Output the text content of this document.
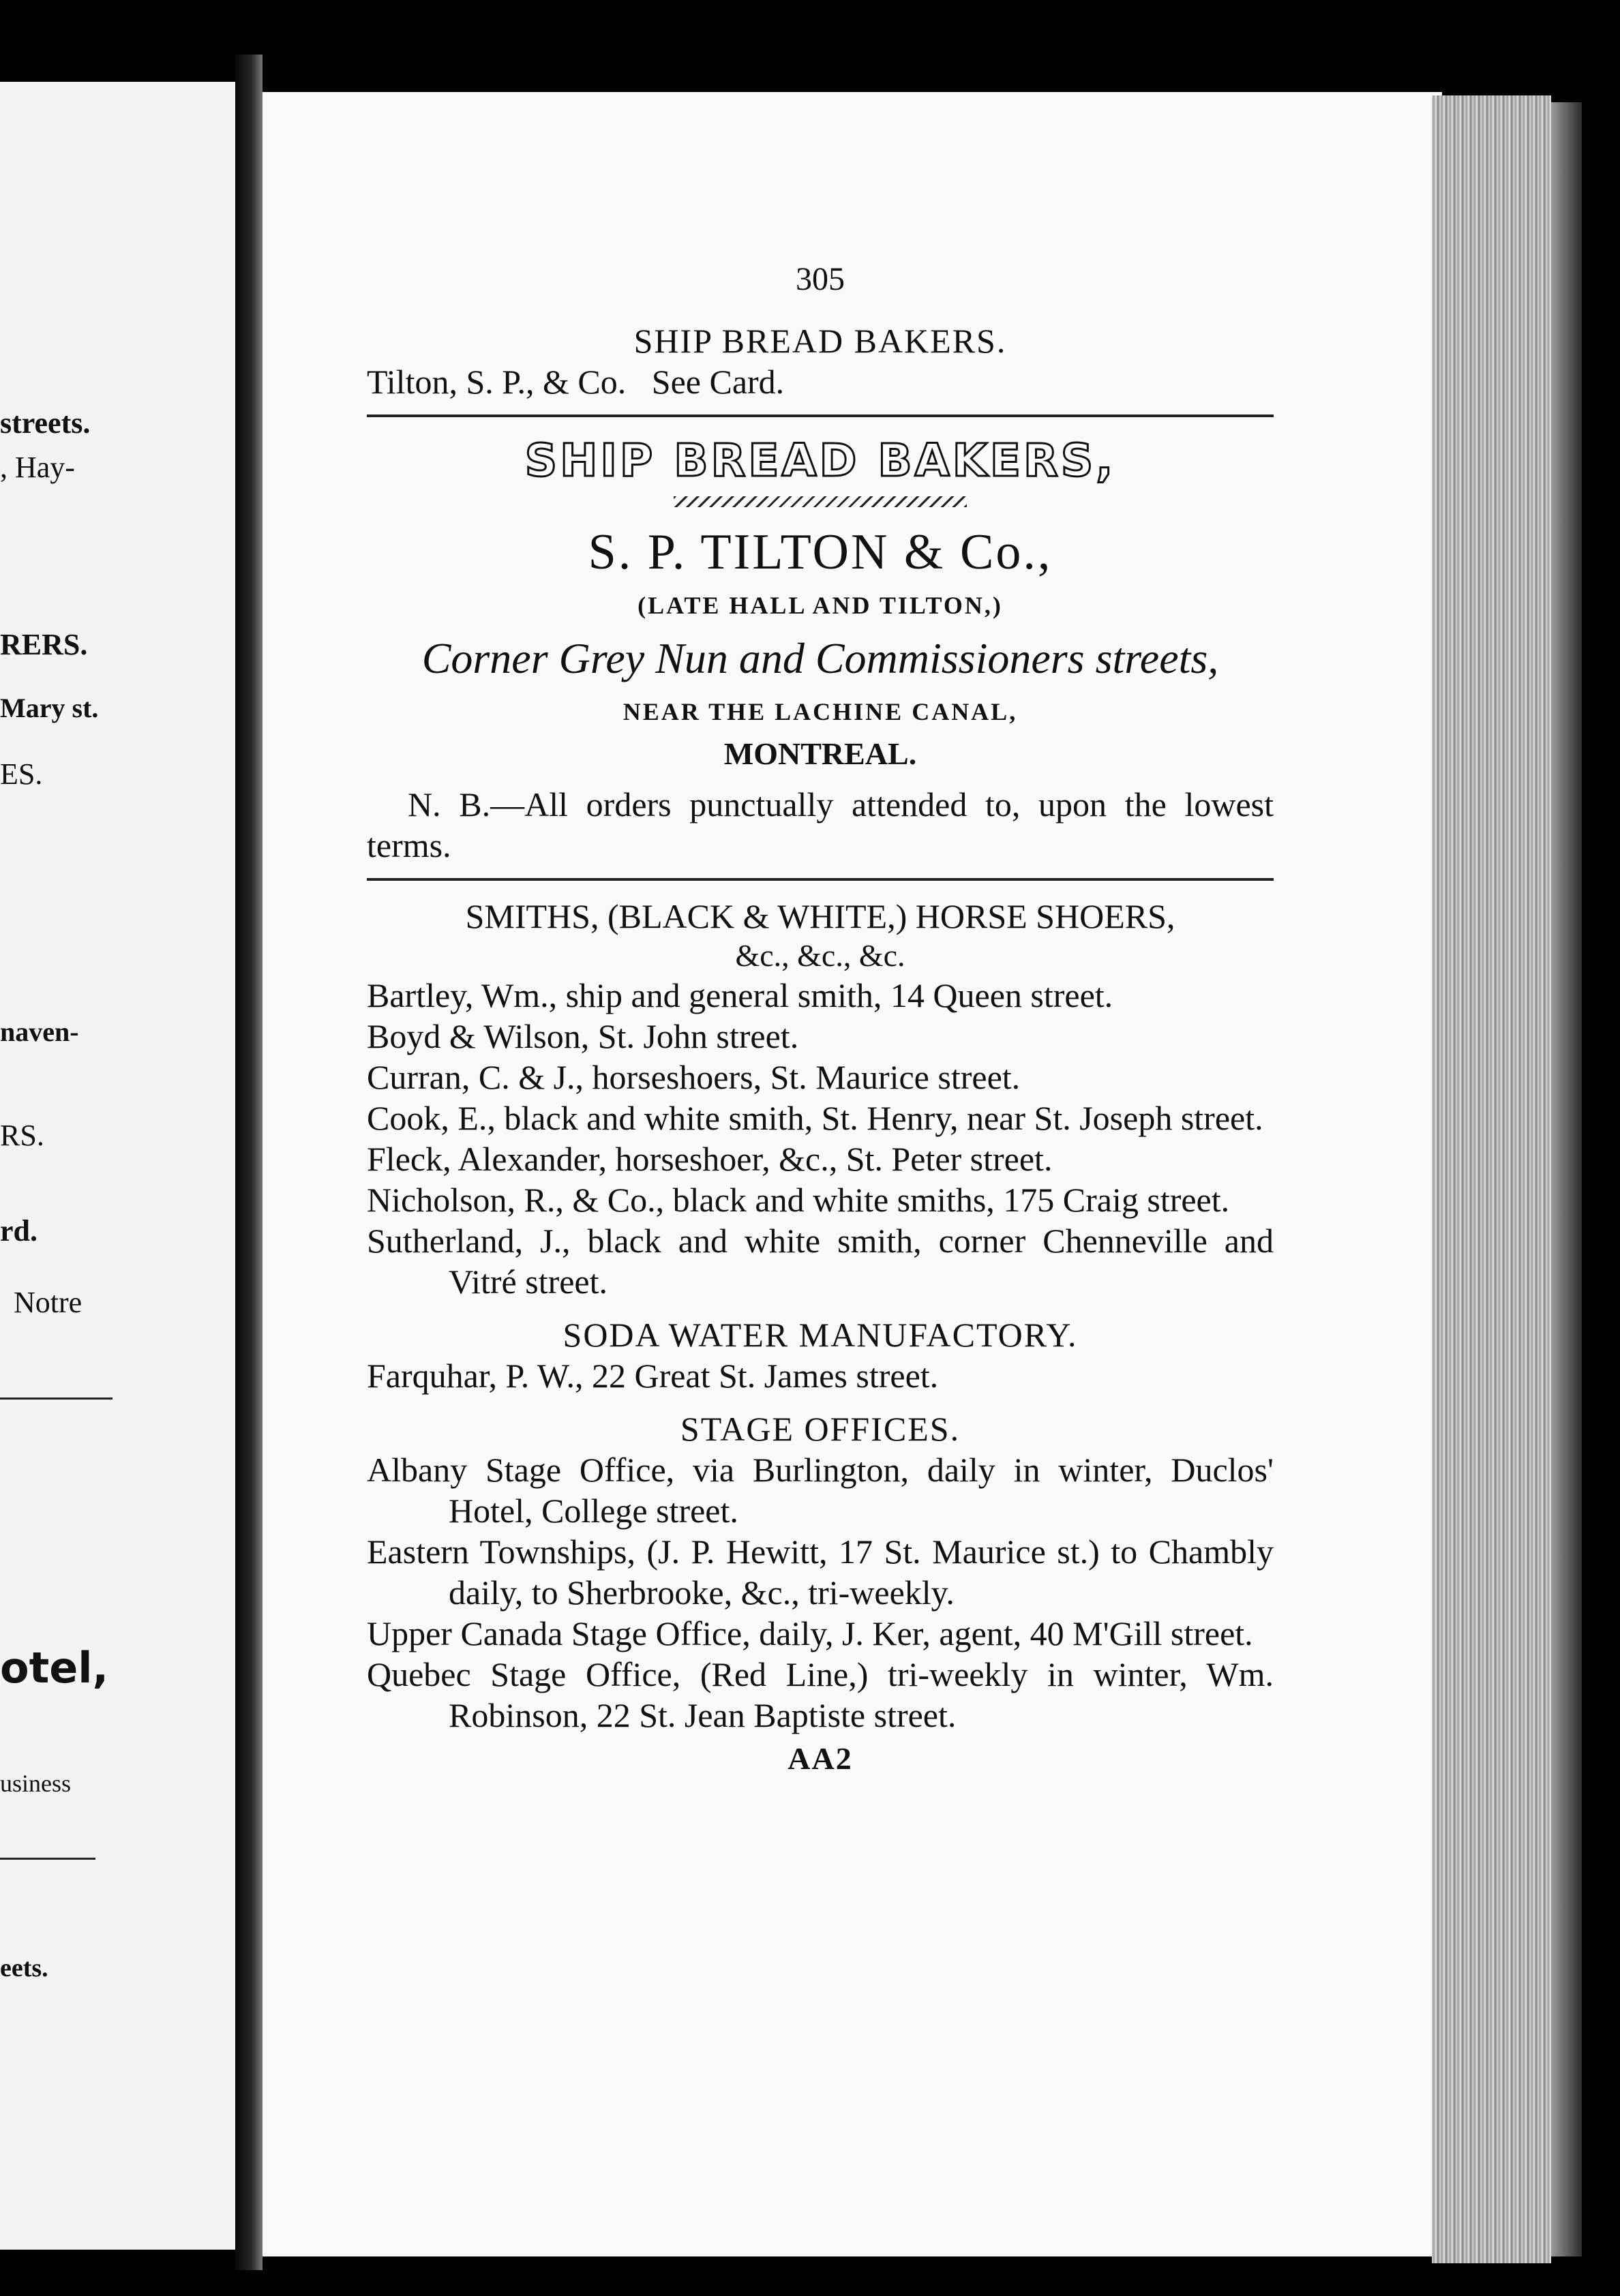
streets.
, Hay-
RERS.
Mary st.
ES.
naven-
RS.
rd.
Notre
otel,
usiness
eets.
305
SHIP BREAD BAKERS.
Tilton, S. P., & Co.   See Card.
SHIP BREAD BAKERS,
S. P. TILTON & Co.,
(LATE HALL AND TILTON,)
Corner Grey Nun and Commissioners streets,
NEAR THE LACHINE CANAL,
MONTREAL.
N. B.—All orders punctually attended to, upon the lowest terms.
SMITHS, (BLACK & WHITE,) HORSE SHOERS,
&c., &c., &c.
Bartley, Wm., ship and general smith, 14 Queen street.
Boyd & Wilson, St. John street.
Curran, C. & J., horseshoers, St. Maurice street.
Cook, E., black and white smith, St. Henry, near St. Joseph street.
Fleck, Alexander, horseshoer, &c., St. Peter street.
Nicholson, R., & Co., black and white smiths, 175 Craig street.
Sutherland, J., black and white smith, corner Chenneville and Vitré street.
SODA WATER MANUFACTORY.
Farquhar, P. W., 22 Great St. James street.
STAGE OFFICES.
Albany Stage Office, via Burlington, daily in winter, Duclos' Hotel, College street.
Eastern Townships, (J. P. Hewitt, 17 St. Maurice st.) to Chambly daily, to Sherbrooke, &c., tri-weekly.
Upper Canada Stage Office, daily, J. Ker, agent, 40 M'Gill street.
Quebec Stage Office, (Red Line,) tri-weekly in winter, Wm. Robinson, 22 St. Jean Baptiste street.
AA2
